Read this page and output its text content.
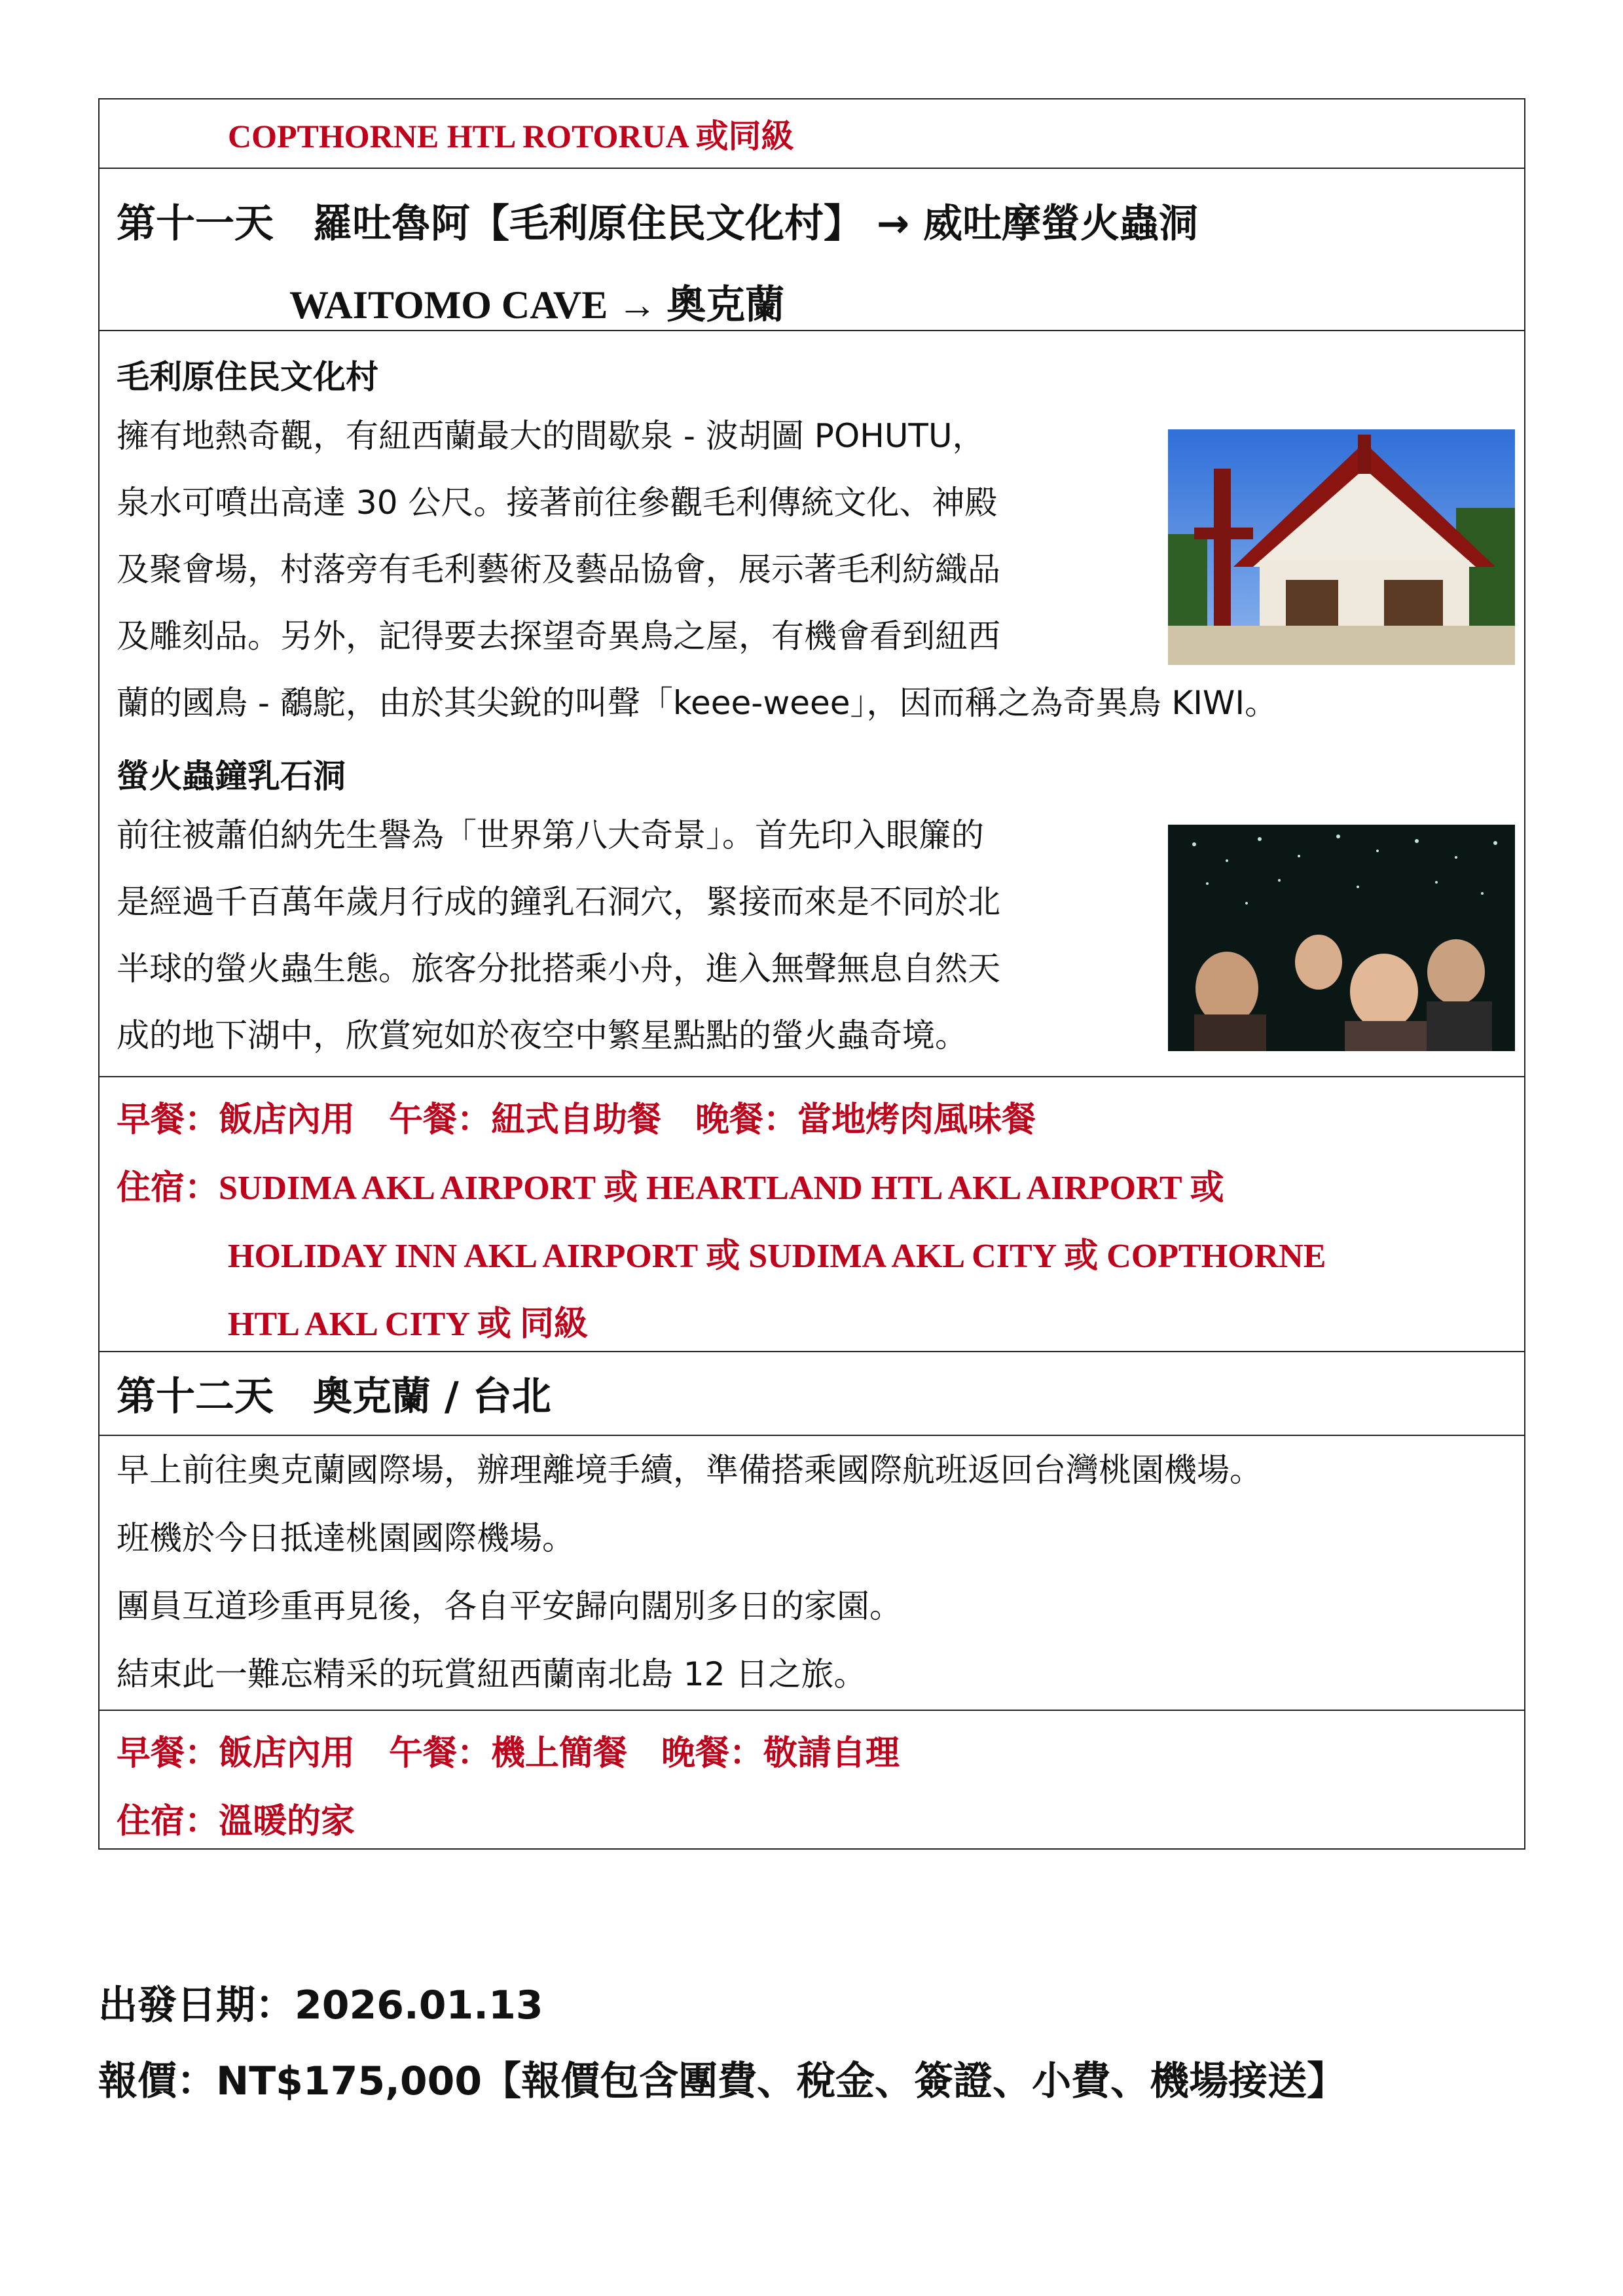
COPTHORNE HTL ROTORUA 或同級
第十一天　羅吐魯阿【毛利原住民文化村】 → 威吐摩螢火蟲洞
WAITOMO CAVE → 奧克蘭
毛利原住民文化村
擁有地熱奇觀，有紐西蘭最大的間歇泉 - 波胡圖 POHUTU，
泉水可噴出高達 30 公尺。接著前往參觀毛利傳統文化、神殿
及聚會場，村落旁有毛利藝術及藝品協會，展示著毛利紡織品
及雕刻品。另外，記得要去探望奇異鳥之屋，有機會看到紐西
蘭的國鳥 - 鷸鴕，由於其尖銳的叫聲「keee-weee」，因而稱之為奇異鳥 KIWI。
螢火蟲鐘乳石洞
前往被蕭伯納先生譽為「世界第八大奇景」。首先印入眼簾的
是經過千百萬年歲月行成的鐘乳石洞穴，緊接而來是不同於北
半球的螢火蟲生態。旅客分批搭乘小舟，進入無聲無息自然天
成的地下湖中，欣賞宛如於夜空中繁星點點的螢火蟲奇境。
早餐：飯店內用　午餐：紐式自助餐　晚餐：當地烤肉風味餐
住宿：SUDIMA AKL AIRPORT 或 HEARTLAND HTL AKL AIRPORT 或
HOLIDAY INN AKL AIRPORT 或 SUDIMA AKL CITY 或 COPTHORNE
HTL AKL CITY 或 同級
第十二天　奧克蘭 / 台北
早上前往奧克蘭國際場，辦理離境手續，準備搭乘國際航班返回台灣桃園機場。
班機於今日抵達桃園國際機場。
團員互道珍重再見後，各自平安歸向闊別多日的家園。
結束此一難忘精采的玩賞紐西蘭南北島 12 日之旅。
早餐：飯店內用　午餐：機上簡餐　晚餐：敬請自理
住宿：溫暖的家
出發日期：2026.01.13
報價：NT$175,000【報價包含團費、稅金、簽證、小費、機場接送】
